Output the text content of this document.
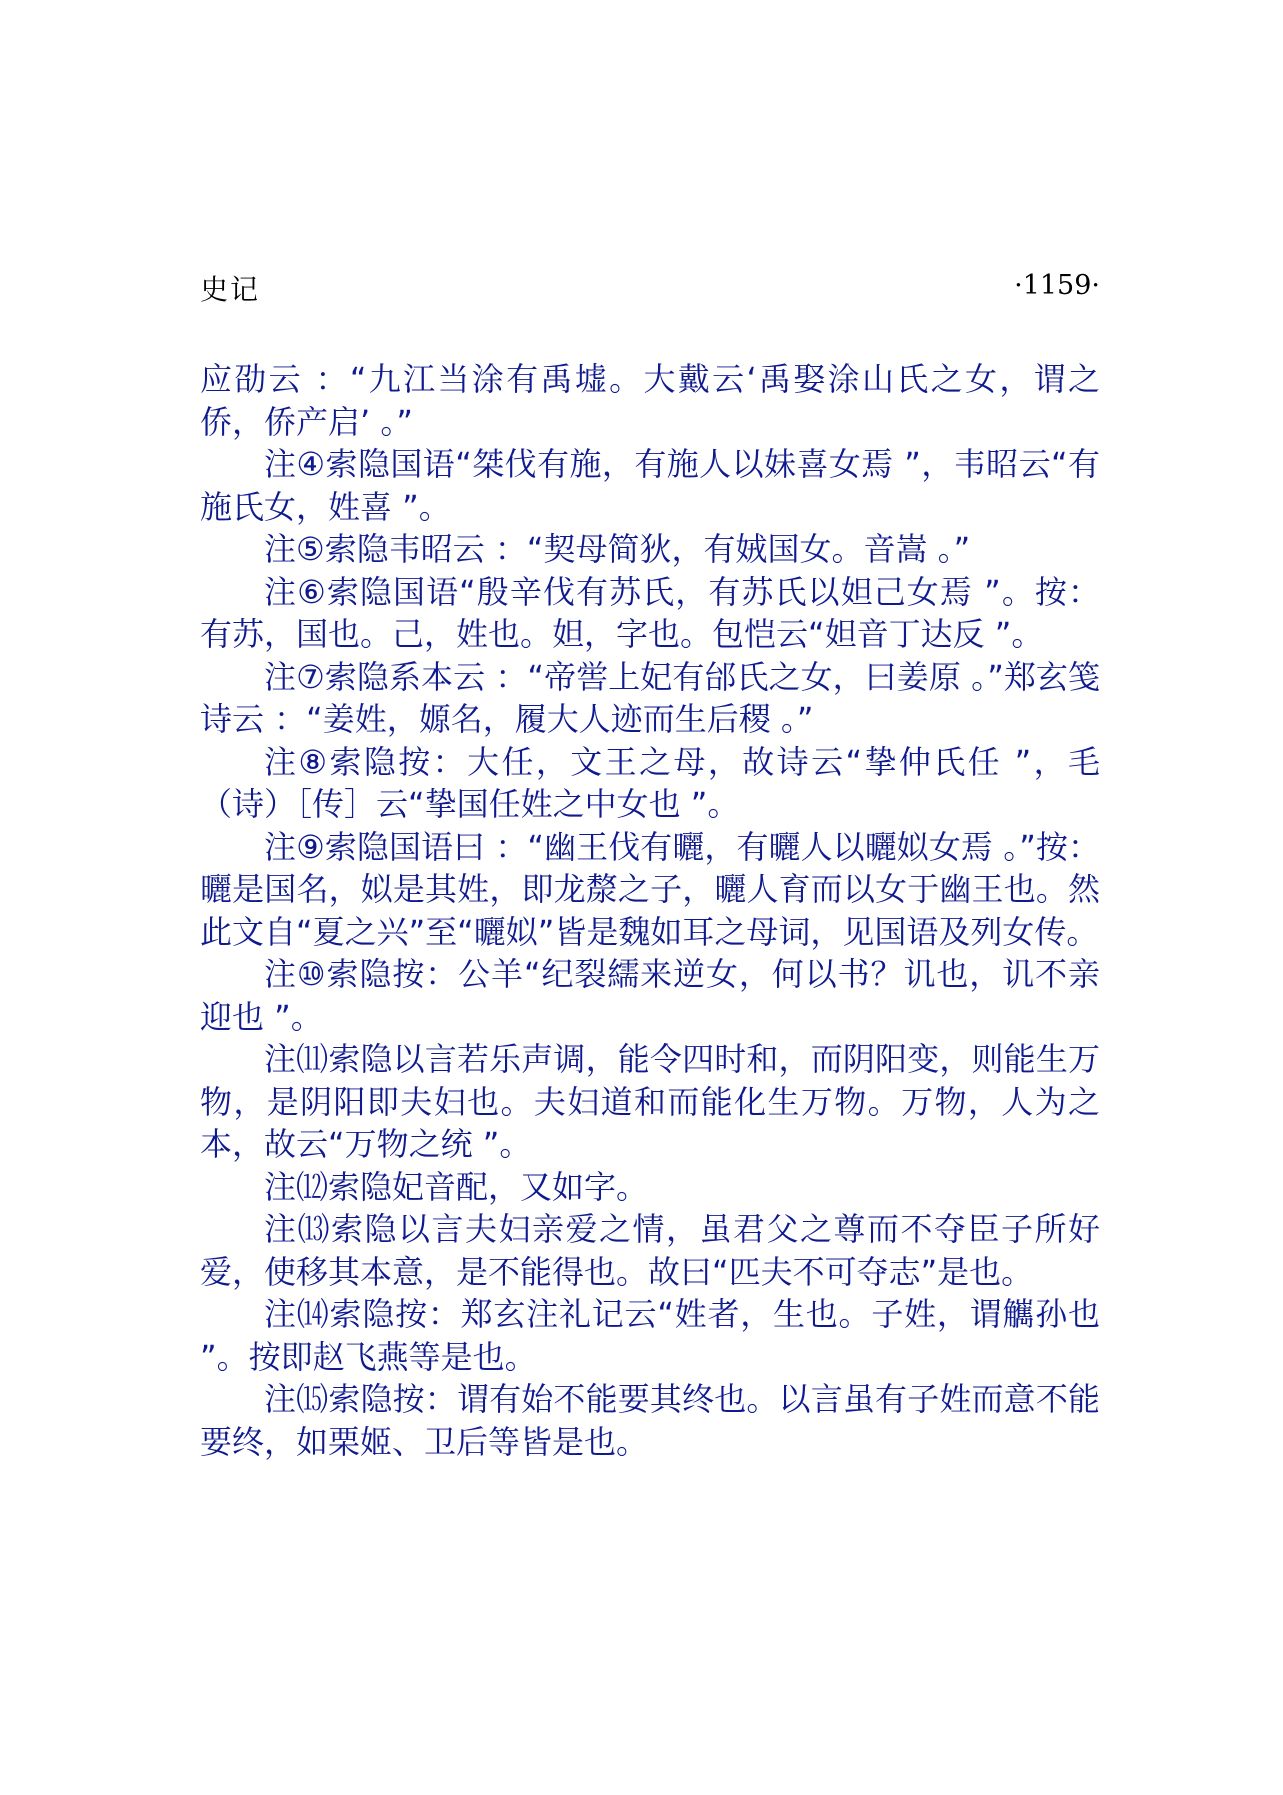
史记	·1159·

应劭云 ：“九江当涂有禹墟。大戴云‘禹娶涂山氏之女，谓之侨，侨产启’ 。”

注④索隐国语“桀伐有施，有施人以妹喜女焉 ”，韦昭云“有施氏女，姓喜 ”。

注⑤索隐韦昭云 ：“契母简狄，有娀国女。音嵩 。”

注⑥索隐国语“殷辛伐有苏氏，有苏氏以妲己女焉 ”。按：有苏，国也。己，姓也。妲，字也。包恺云“妲音丁达反 ”。

注⑦索隐系本云 ：“帝喾上妃有邰氏之女，曰姜原 。”郑玄笺诗云 ：“姜姓，嫄名，履大人迹而生后稷 。”

注⑧索隐按：大任，文王之母，故诗云“挚仲氏任 ”，毛（诗）［传］云“挚国任姓之中女也 ”。

注⑨索隐国语曰 ：“幽王伐有曬，有曬人以曬姒女焉 。”按：曬是国名，姒是其姓，即龙漦之子，曬人育而以女于幽王也。然此文自“夏之兴”至“曬姒”皆是魏如耳之母词，见国语及列女传。

注⑩索隐按：公羊“纪裂繻来逆女，何以书？讥也，讥不亲迎也 ”。

注⑾索隐以言若乐声调，能令四时和，而阴阳变，则能生万物，是阴阳即夫妇也。夫妇道和而能化生万物。万物，人为之本，故云“万物之统 ”。

注⑿索隐妃音配，又如字。

注⒀索隐以言夫妇亲爱之情，虽君父之尊而不夺臣子所好爱，使移其本意，是不能得也。故曰“匹夫不可夺志”是也。

注⒁索隐按：郑玄注礼记云“姓者，生也。子姓，谓觽孙也 ”。按即赵飞燕等是也。

注⒂索隐按：谓有始不能要其终也。以言虽有子姓而意不能要终，如栗姬、卫后等皆是也。
